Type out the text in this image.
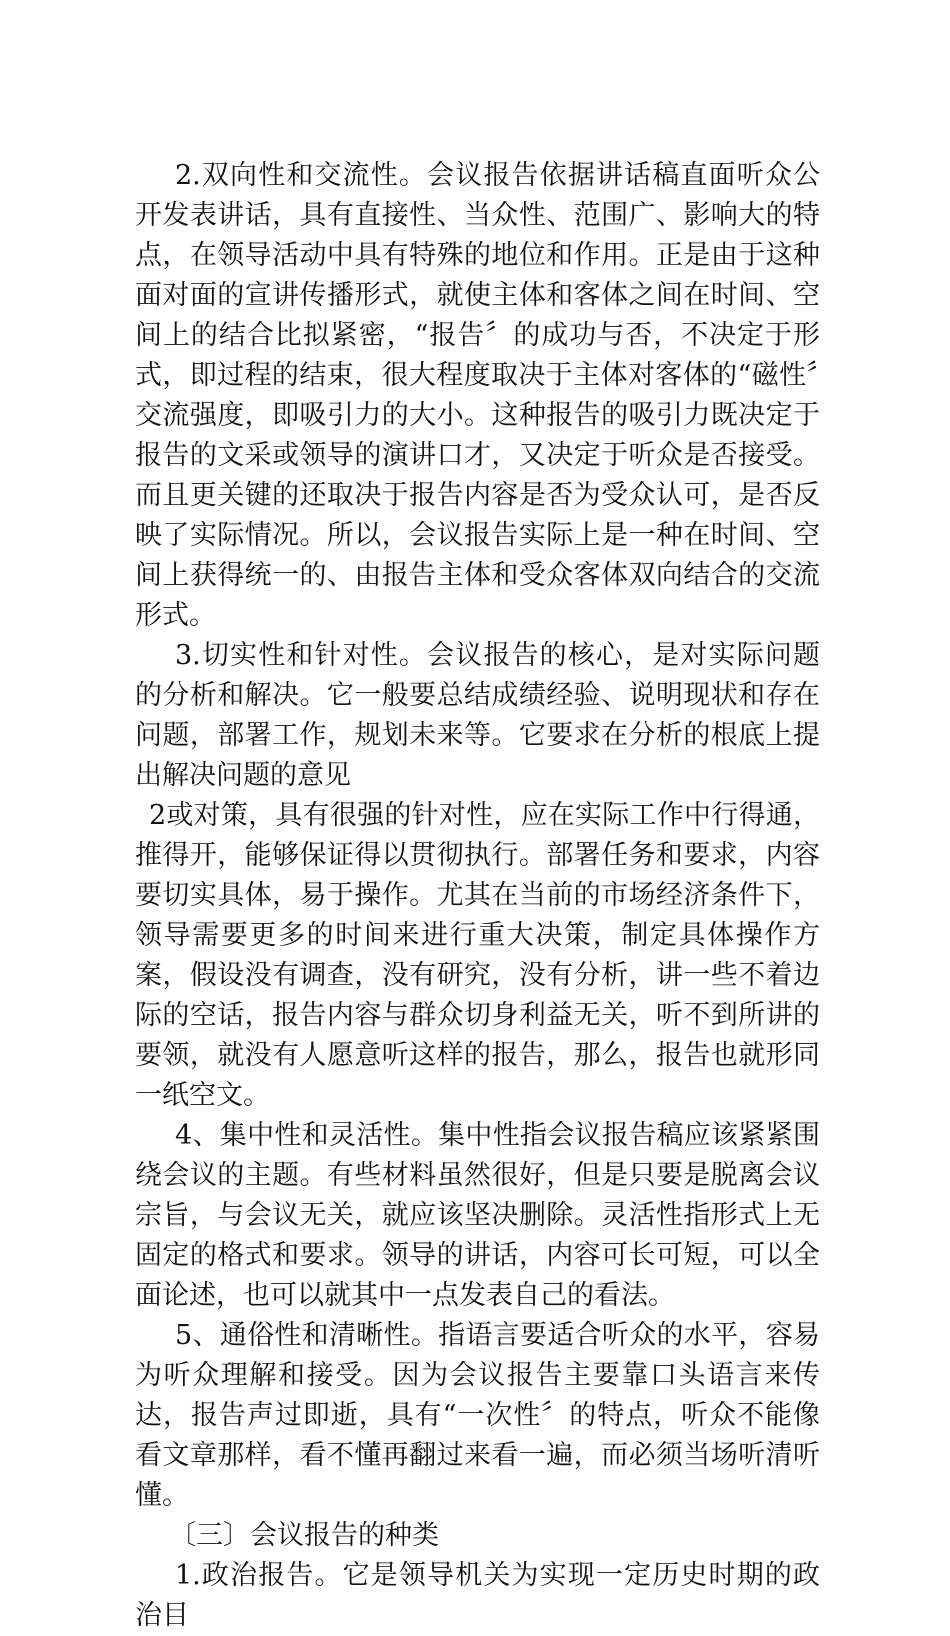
2.双向性和交流性。会议报告依据讲话稿直面听众公开发表讲话，具有直接性、当众性、范围广、影响大的特点，在领导活动中具有特殊的地位和作用。正是由于这种面对面的宣讲传播形式，就使主体和客体之间在时间、空间上的结合比拟紧密，“报告〞的成功与否，不决定于形式，即过程的结束，很大程度取决于主体对客体的“磁性〞交流强度，即吸引力的大小。这种报告的吸引力既决定于报告的文采或领导的演讲口才，又决定于听众是否接受。而且更关键的还取决于报告内容是否为受众认可，是否反映了实际情况。所以，会议报告实际上是一种在时间、空间上获得统一的、由报告主体和受众客体双向结合的交流形式。

3.切实性和针对性。会议报告的核心，是对实际问题的分析和解决。它一般要总结成绩经验、说明现状和存在问题，部署工作，规划未来等。它要求在分析的根底上提出解决问题的意见

2或对策，具有很强的针对性，应在实际工作中行得通，推得开，能够保证得以贯彻执行。部署任务和要求，内容要切实具体，易于操作。尤其在当前的市场经济条件下，领导需要更多的时间来进行重大决策，制定具体操作方案，假设没有调查，没有研究，没有分析，讲一些不着边际的空话，报告内容与群众切身利益无关，听不到所讲的要领，就没有人愿意听这样的报告，那么，报告也就形同一纸空文。

4、集中性和灵活性。集中性指会议报告稿应该紧紧围绕会议的主题。有些材料虽然很好，但是只要是脱离会议宗旨，与会议无关，就应该坚决删除。灵活性指形式上无固定的格式和要求。领导的讲话，内容可长可短，可以全面论述，也可以就其中一点发表自己的看法。

5、通俗性和清晰性。指语言要适合听众的水平，容易为听众理解和接受。因为会议报告主要靠口头语言来传达，报告声过即逝，具有“一次性〞的特点，听众不能像看文章那样，看不懂再翻过来看一遍，而必须当场听清听懂。

〔三〕会议报告的种类

1.政治报告。它是领导机关为实现一定历史时期的政治目
